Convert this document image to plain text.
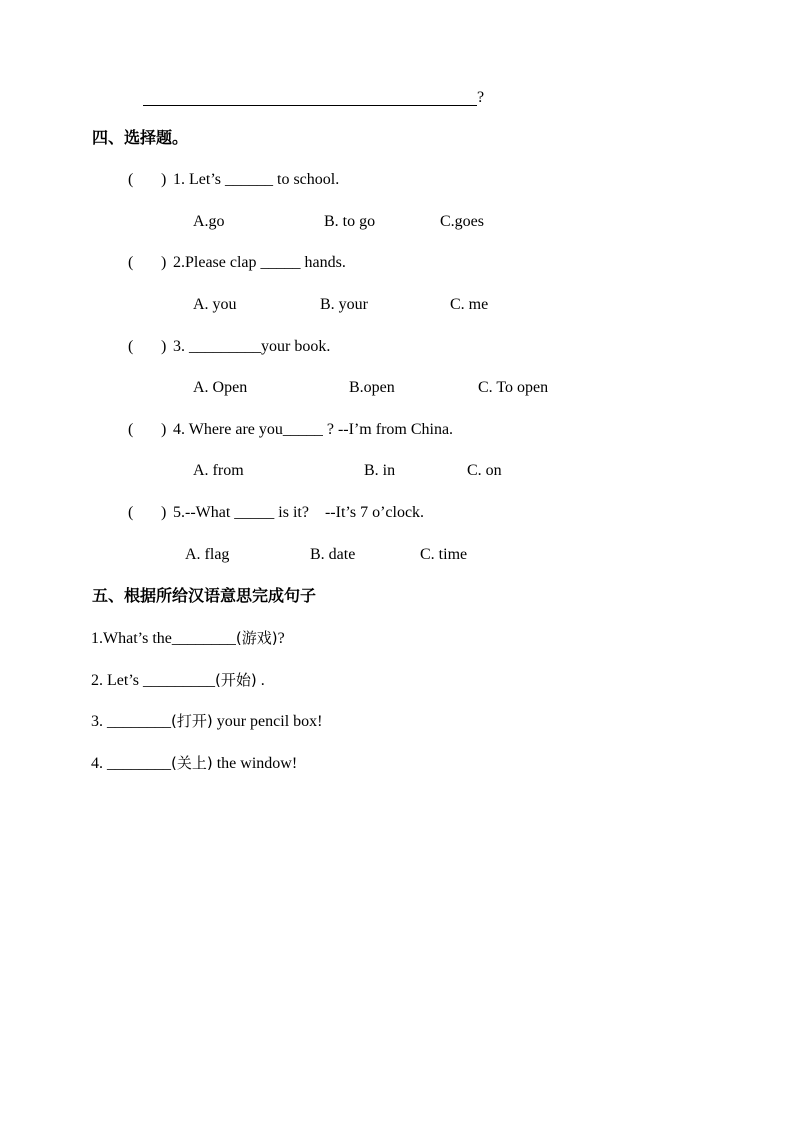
?
四、选择题。
( ) 1. Let’s ______ to school.
A.go	B. to go	C.goes
( ) 2.Please clap _____ hands.
A. you	B. your	C. me
( ) 3. _________your book.
A. Open	B.open	C. To open
( ) 4. Where are you_____ ? --I’m from China.
A. from	B. in	C. on
( ) 5.--What _____ is it?    --It’s 7 o’clock.
A. flag	B. date	C. time
五、根据所给汉语意思完成句子
1.What’s the________(游戏)?
2. Let’s _________(开始) .
3. ________(打开) your pencil box!
4. ________(关上) the window!
